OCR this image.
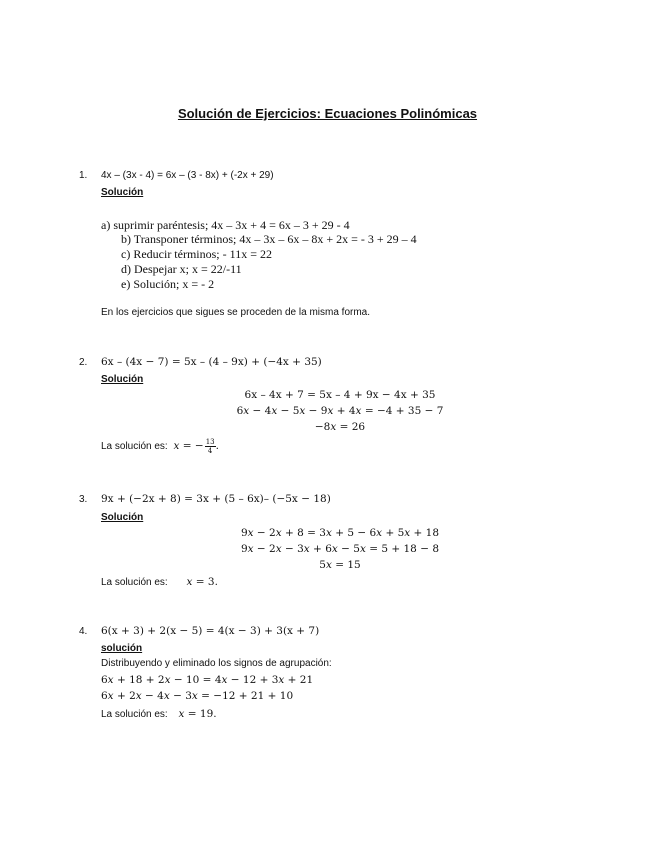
Solución de Ejercicios: Ecuaciones Polinómicas
1. 4x – (3x - 4) = 6x – (3 - 8x) + (-2x + 29)
Solución
a) suprimir paréntesis; 4x – 3x + 4 = 6x – 3 + 29 - 4
b) Transponer términos; 4x – 3x – 6x – 8x + 2x = - 3 + 29 – 4
c) Reducir términos; - 11x = 22
d) Despejar x; x = 22/-11
e) Solución; x = - 2
En los ejercicios que sigues se proceden de la misma forma.
2. 6x – (4x − 7) = 5x – (4 – 9x) + (−4x + 35)
Solución
6x – 4x + 7 = 5x – 4 + 9x − 4x + 35
6𝑥 − 4𝑥 − 5𝑥 − 9𝑥 + 4𝑥 = −4 + 35 − 7
−8𝑥 = 26
La solución es: 𝑥 = − $\frac{13}{4}$ .
3. 9x + (−2x + 8) = 3x + (5 – 6x)– (−5x − 18)
Solución
9𝑥 − 2𝑥 + 8 = 3𝑥 + 5 − 6𝑥 + 5𝑥 + 18
9𝑥 − 2𝑥 − 3𝑥 + 6𝑥 − 5𝑥 = 5 + 18 − 8
5𝑥 = 15
La solución es: 𝑥 = 3.
4. 6(x + 3) + 2(x − 5) = 4(x − 3) + 3(x + 7)
solución
Distribuyendo y eliminado los signos de agrupación:
6𝑥 + 18 + 2𝑥 − 10 = 4𝑥 − 12 + 3𝑥 + 21
6𝑥 + 2𝑥 − 4𝑥 − 3𝑥 = −12 + 21 + 10
La solución es: 𝑥 = 19.
